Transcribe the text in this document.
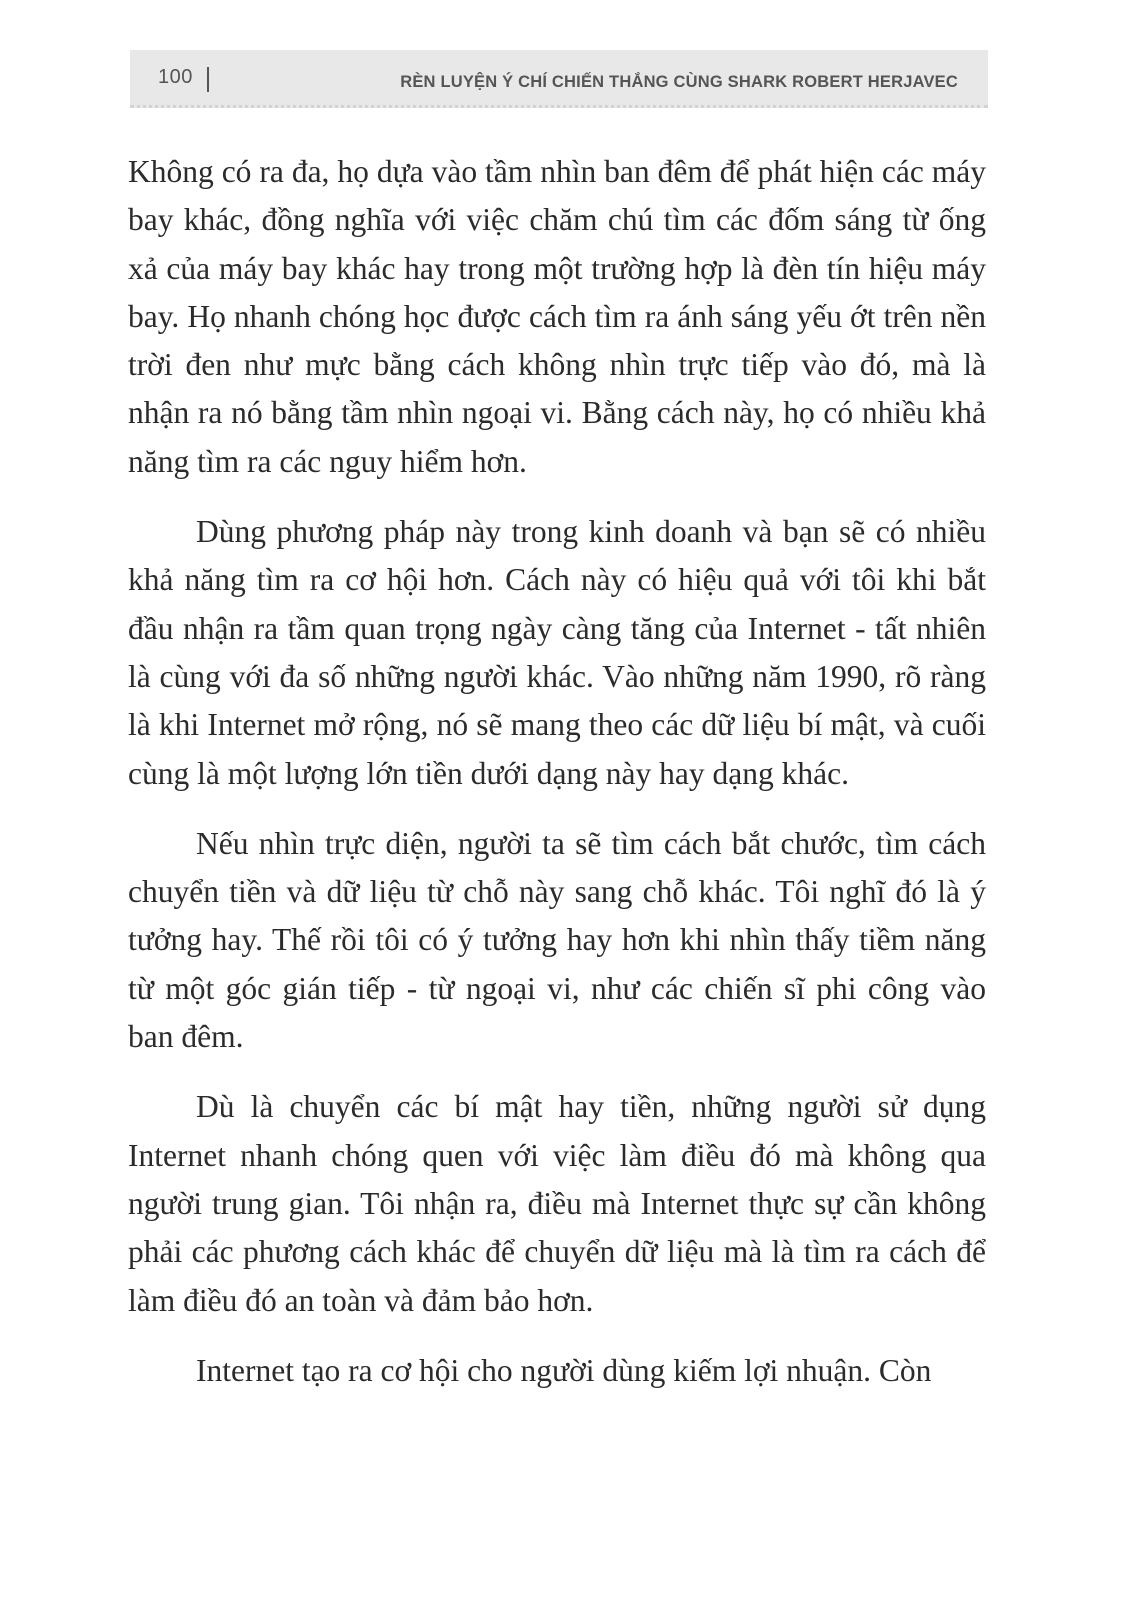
100	RÈN LUYỆN Ý CHÍ CHIẾN THẮNG CÙNG SHARK ROBERT HERJAVEC

Không có ra đa, họ dựa vào tầm nhìn ban đêm để phát hiện các máy bay khác, đồng nghĩa với việc chăm chú tìm các đốm sáng từ ống xả của máy bay khác hay trong một trường hợp là đèn tín hiệu máy bay. Họ nhanh chóng học được cách tìm ra ánh sáng yếu ớt trên nền trời đen như mực bằng cách không nhìn trực tiếp vào đó, mà là nhận ra nó bằng tầm nhìn ngoại vi. Bằng cách này, họ có nhiều khả năng tìm ra các nguy hiểm hơn.

Dùng phương pháp này trong kinh doanh và bạn sẽ có nhiều khả năng tìm ra cơ hội hơn. Cách này có hiệu quả với tôi khi bắt đầu nhận ra tầm quan trọng ngày càng tăng của Internet - tất nhiên là cùng với đa số những người khác. Vào những năm 1990, rõ ràng là khi Internet mở rộng, nó sẽ mang theo các dữ liệu bí mật, và cuối cùng là một lượng lớn tiền dưới dạng này hay dạng khác.

Nếu nhìn trực diện, người ta sẽ tìm cách bắt chước, tìm cách chuyển tiền và dữ liệu từ chỗ này sang chỗ khác. Tôi nghĩ đó là ý tưởng hay. Thế rồi tôi có ý tưởng hay hơn khi nhìn thấy tiềm năng từ một góc gián tiếp - từ ngoại vi, như các chiến sĩ phi công vào ban đêm.

Dù là chuyển các bí mật hay tiền, những người sử dụng Internet nhanh chóng quen với việc làm điều đó mà không qua người trung gian. Tôi nhận ra, điều mà Internet thực sự cần không phải các phương cách khác để chuyển dữ liệu mà là tìm ra cách để làm điều đó an toàn và đảm bảo hơn.

Internet tạo ra cơ hội cho người dùng kiếm lợi nhuận. Còn
